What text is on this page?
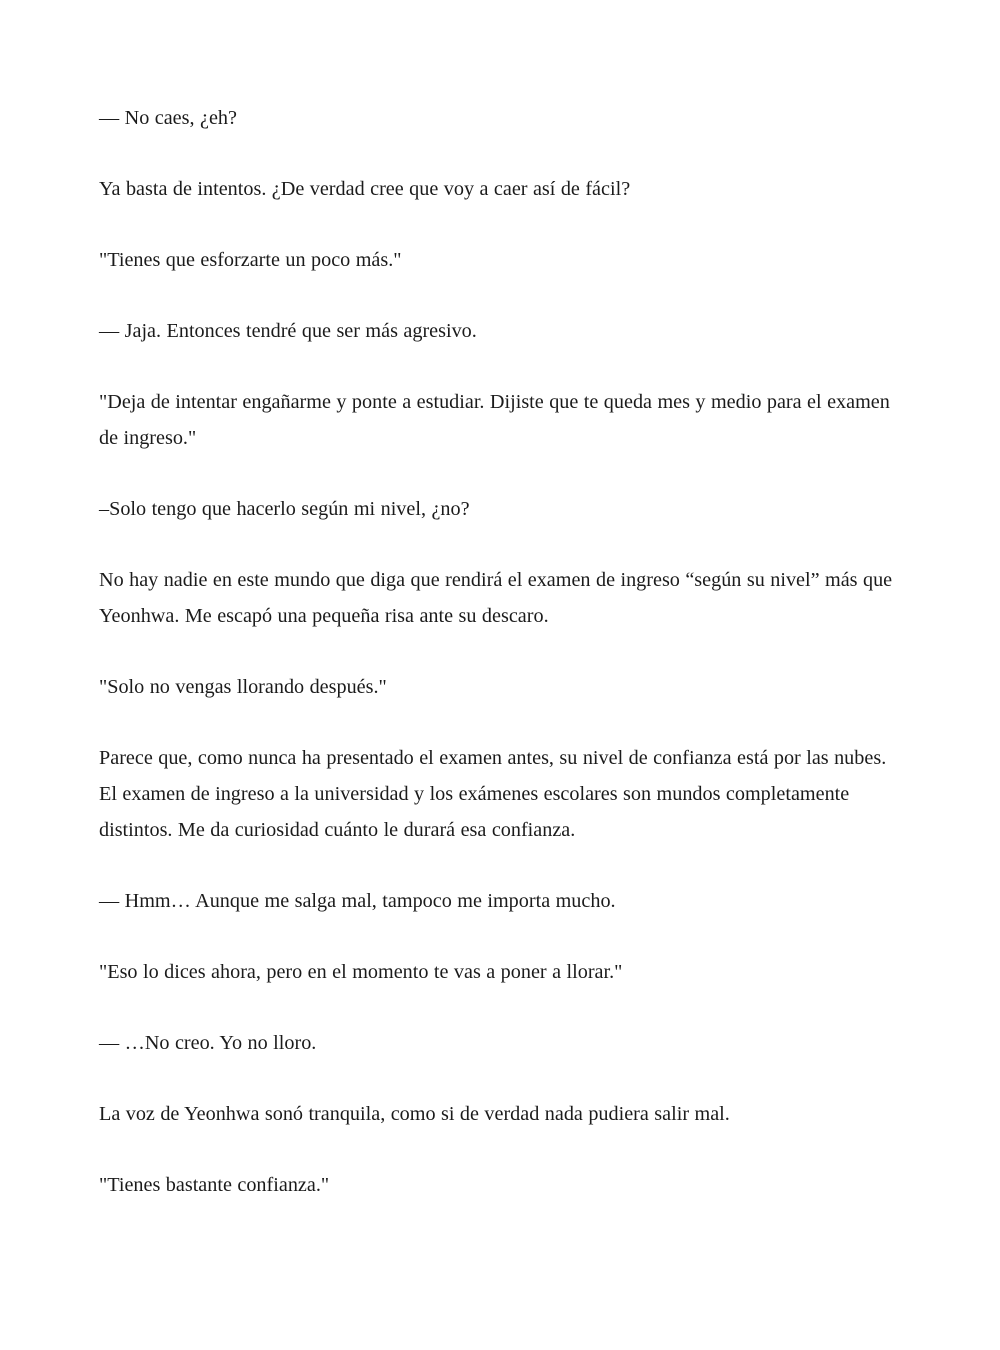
— No caes, ¿eh?

Ya basta de intentos. ¿De verdad cree que voy a caer así de fácil?

"Tienes que esforzarte un poco más."

— Jaja. Entonces tendré que ser más agresivo.

"Deja de intentar engañarme y ponte a estudiar. Dijiste que te queda mes y medio para el examen de ingreso."

–Solo tengo que hacerlo según mi nivel, ¿no?

No hay nadie en este mundo que diga que rendirá el examen de ingreso “según su nivel” más que Yeonhwa. Me escapó una pequeña risa ante su descaro.

"Solo no vengas llorando después."

Parece que, como nunca ha presentado el examen antes, su nivel de confianza está por las nubes. El examen de ingreso a la universidad y los exámenes escolares son mundos completamente distintos. Me da curiosidad cuánto le durará esa confianza.

— Hmm… Aunque me salga mal, tampoco me importa mucho.

"Eso lo dices ahora, pero en el momento te vas a poner a llorar."

— …No creo. Yo no lloro.

La voz de Yeonhwa sonó tranquila, como si de verdad nada pudiera salir mal.

"Tienes bastante confianza."
